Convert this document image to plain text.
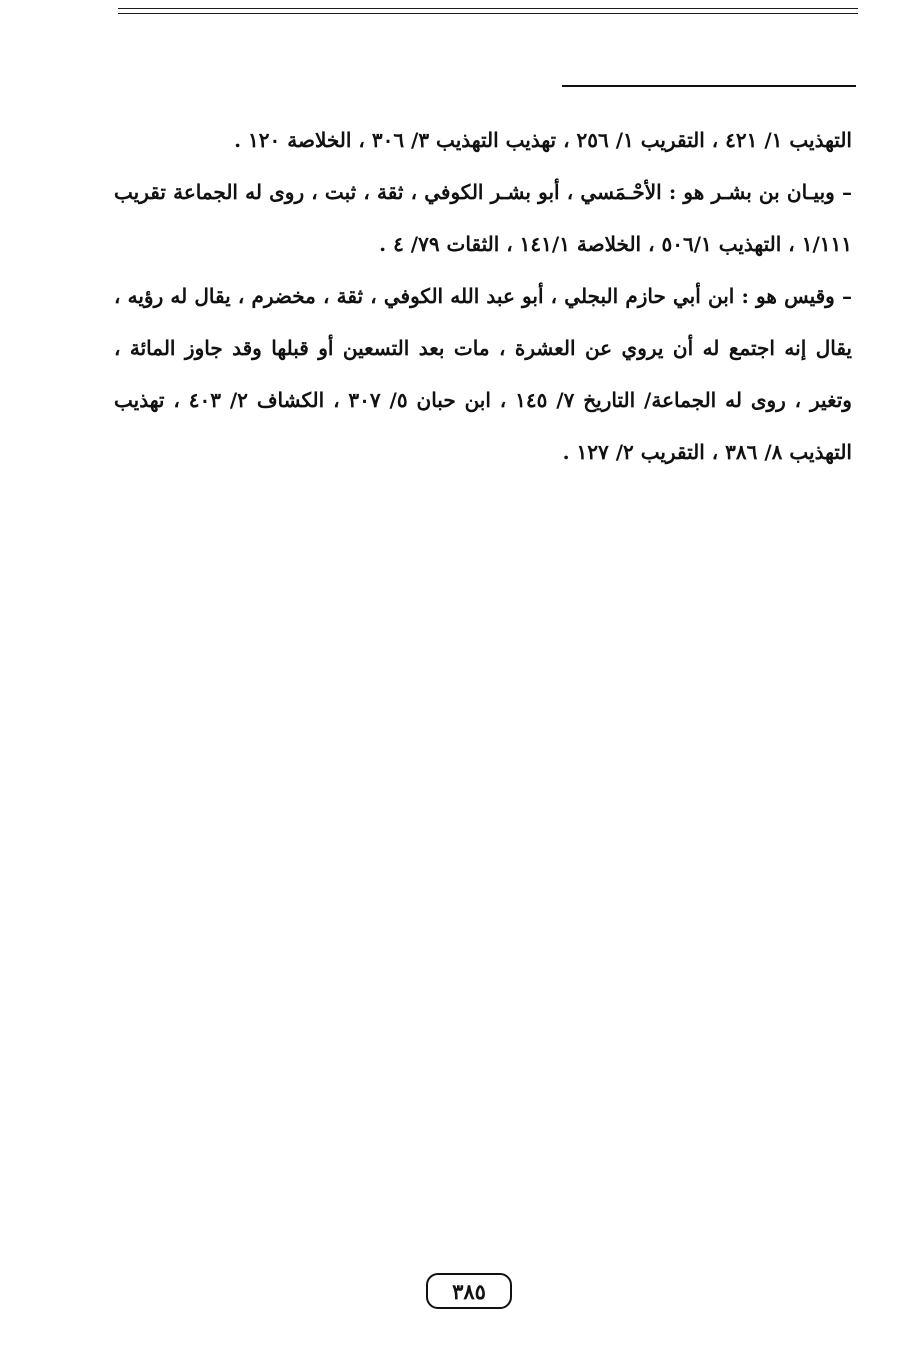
التهذيب ١/ ٤٢١ ، التقريب ١/ ٢٥٦ ، تهذيب التهذيب ٣/ ٣٠٦ ، الخلاصة ١٢٠ .

– وبيـان بن بشـر هو : الأحْـمَسي ، أبو بشـر الكوفي ، ثقة ، ثبت ، روى له الجماعة تقريب ١/١١١ ، التهذيب ٥٠٦/١ ، الخلاصة ١٤١/١ ، الثقات ٧٩/ ٤ .

– وقيس هو : ابن أبي حازم البجلي ، أبو عبد الله الكوفي ، ثقة ، مخضرم ، يقال له رؤيه ، يقال إنه اجتمع له أن يروي عن العشرة ، مات بعد التسعين أو قبلها وقد جاوز المائة ، وتغير ، روى له الجماعة/ التاريخ ٧/ ١٤٥ ، ابن حبان ٥/ ٣٠٧ ، الكشاف ٢/ ٤٠٣ ، تهذيب التهذيب ٨/ ٣٨٦ ، التقريب ٢/ ١٢٧ .

٣٨٥
